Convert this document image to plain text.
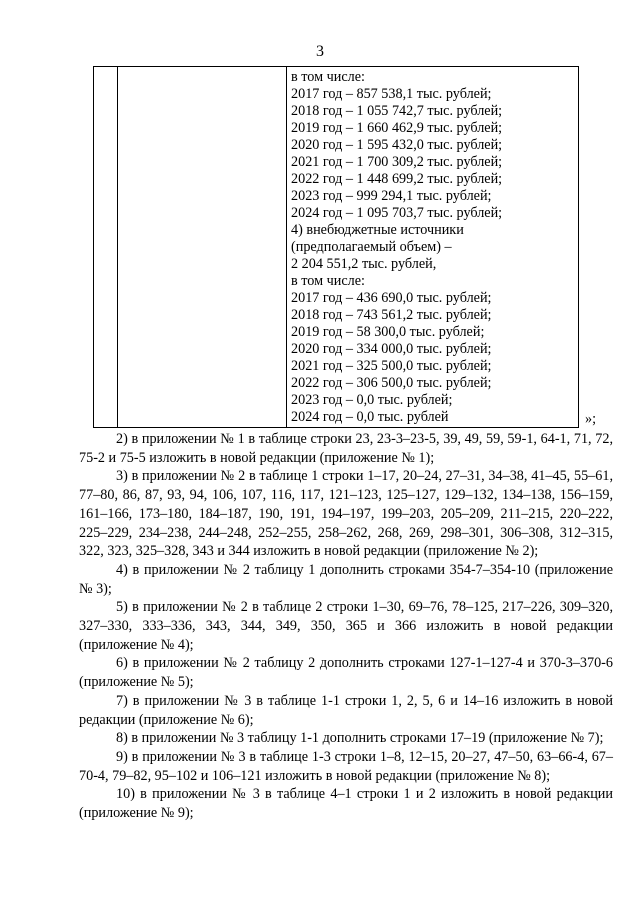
3
в том числе:
2017 год – 857 538,1 тыс. рублей;
2018 год – 1 055 742,7 тыс. рублей;
2019 год – 1 660 462,9 тыс. рублей;
2020 год – 1 595 432,0 тыс. рублей;
2021 год – 1 700 309,2 тыс. рублей;
2022 год – 1 448 699,2 тыс. рублей;
2023 год – 999 294,1 тыс. рублей;
2024 год – 1 095 703,7 тыс. рублей;
4) внебюджетные источники
(предполагаемый объем) –
2 204 551,2 тыс. рублей,
в том числе:
2017 год – 436 690,0 тыс. рублей;
2018 год – 743 561,2 тыс. рублей;
2019 год – 58 300,0 тыс. рублей;
2020 год – 334 000,0 тыс. рублей;
2021 год – 325 500,0 тыс. рублей;
2022 год – 306 500,0 тыс. рублей;
2023 год – 0,0 тыс. рублей;
2024 год – 0,0 тыс. рублей	»;

2) в приложении № 1 в таблице строки 23, 23-3–23-5, 39, 49, 59, 59-1, 64-1, 71, 72, 75-2 и 75-5 изложить в новой редакции (приложение № 1);

3) в приложении № 2 в таблице 1 строки 1–17, 20–24, 27–31, 34–38, 41–45, 55–61, 77–80, 86, 87, 93, 94, 106, 107, 116, 117, 121–123, 125–127, 129–132, 134–138, 156–159, 161–166, 173–180, 184–187, 190, 191, 194–197, 199–203, 205–209, 211–215, 220–222, 225–229, 234–238, 244–248, 252–255, 258–262, 268, 269, 298–301, 306–308, 312–315, 322, 323, 325–328, 343 и 344 изложить в новой редакции (приложение № 2);

4) в приложении № 2 таблицу 1 дополнить строками 354-7–354-10 (приложение № 3);

5) в приложении № 2 в таблице 2 строки 1–30, 69–76, 78–125, 217–226, 309–320, 327–330, 333–336, 343, 344, 349, 350, 365 и 366 изложить в новой редакции (приложение № 4);

6) в приложении № 2 таблицу 2 дополнить строками 127-1–127-4 и 370-3–370-6 (приложение № 5);

7) в приложении № 3 в таблице 1-1 строки 1, 2, 5, 6 и 14–16 изложить в новой редакции (приложение № 6);

8) в приложении № 3 таблицу 1-1 дополнить строками 17–19 (приложение № 7);

9) в приложении № 3 в таблице 1-3 строки 1–8, 12–15, 20–27, 47–50, 63–66-4, 67–70-4, 79–82, 95–102 и 106–121 изложить в новой редакции (приложение № 8);

10) в приложении № 3 в таблице 4–1 строки 1 и 2 изложить в новой редакции (приложение № 9);
